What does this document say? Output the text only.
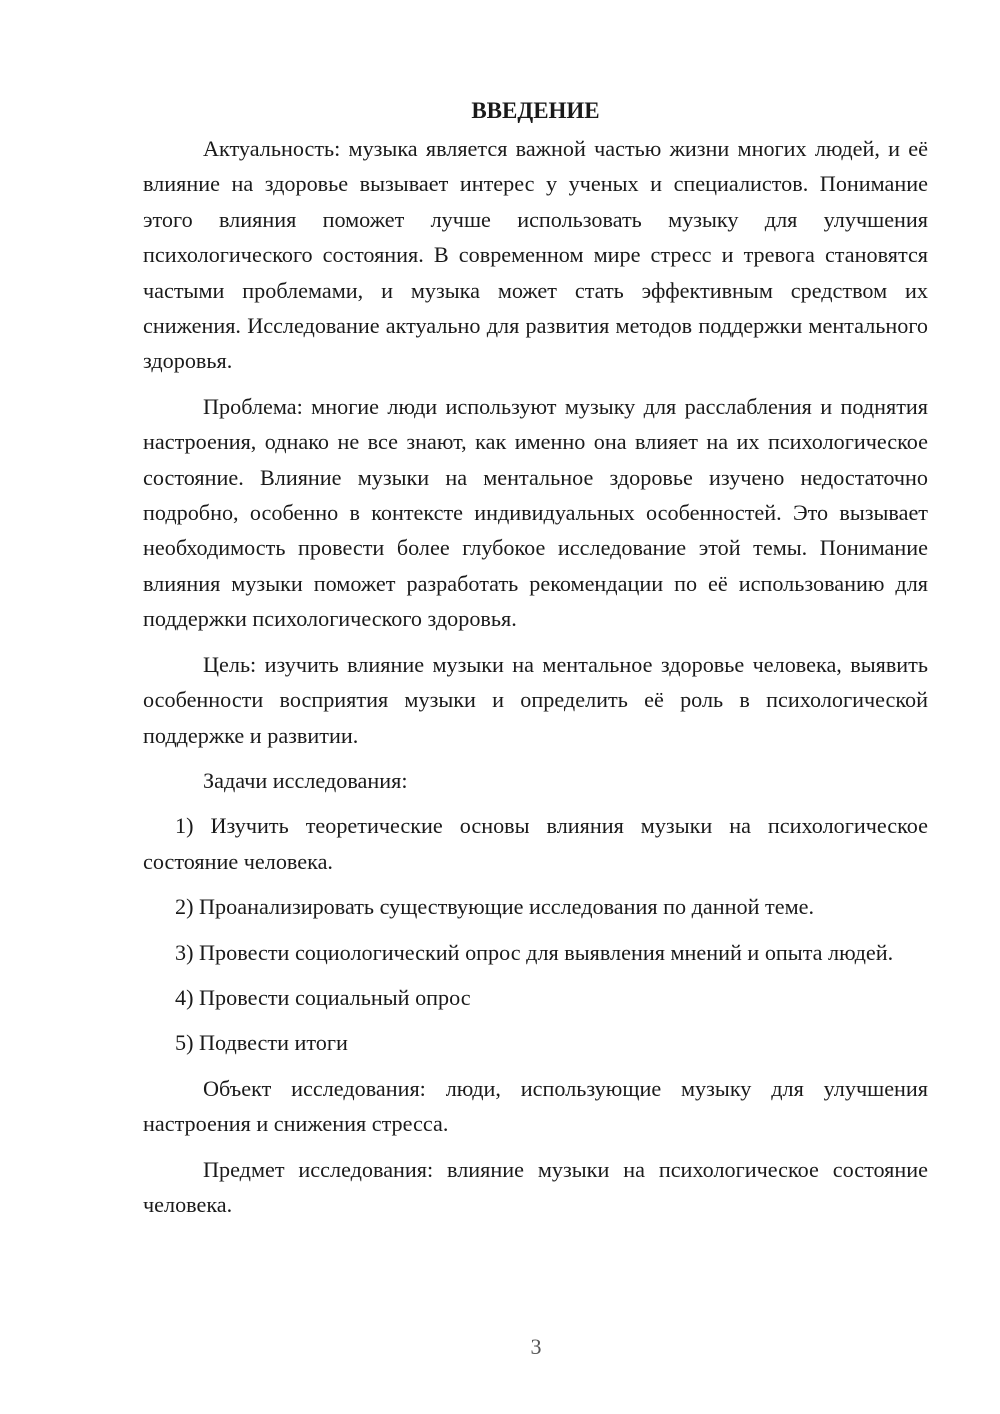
ВВЕДЕНИЕ

Актуальность: музыка является важной частью жизни многих людей, и её влияние на здоровье вызывает интерес у ученых и специалистов. Понимание этого влияния поможет лучше использовать музыку для улучшения психологического состояния. В современном мире стресс и тревога становятся частыми проблемами, и музыка может стать эффективным средством их снижения. Исследование актуально для развития методов поддержки ментального здоровья.

Проблема: многие люди используют музыку для расслабления и поднятия настроения, однако не все знают, как именно она влияет на их психологическое состояние. Влияние музыки на ментальное здоровье изучено недостаточно подробно, особенно в контексте индивидуальных особенностей. Это вызывает необходимость провести более глубокое исследование этой темы. Понимание влияния музыки поможет разработать рекомендации по её использованию для поддержки психологического здоровья.

Цель: изучить влияние музыки на ментальное здоровье человека, выявить особенности восприятия музыки и определить её роль в психологической поддержке и развитии.

Задачи исследования:

1) Изучить теоретические основы влияния музыки на психологическое состояние человека.

2) Проанализировать существующие исследования по данной теме.

3) Провести социологический опрос для выявления мнений и опыта людей.

4) Провести социальный опрос

5) Подвести итоги

Объект исследования: люди, использующие музыку для улучшения настроения и снижения стресса.

Предмет исследования: влияние музыки на психологическое состояние человека.

3
